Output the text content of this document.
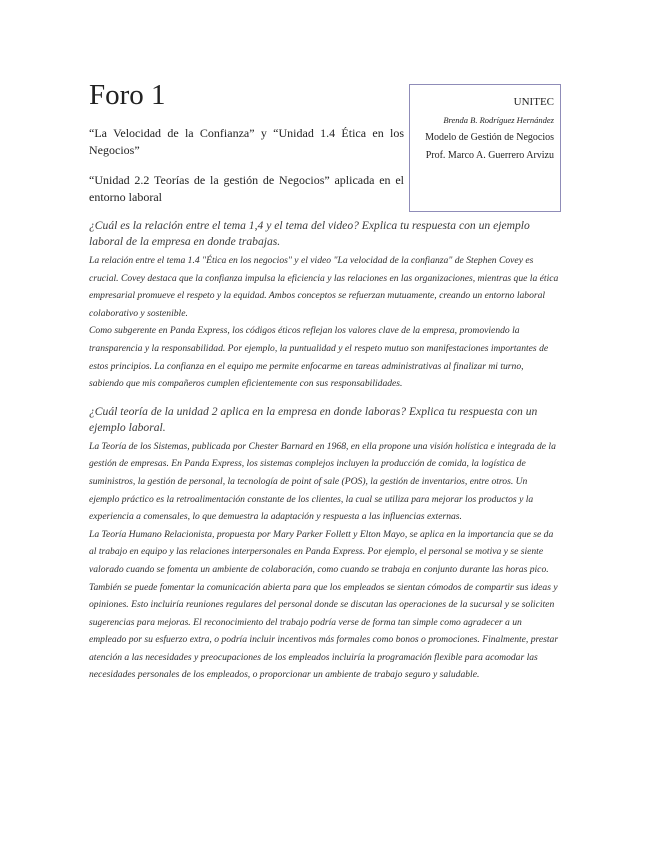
Foro 1

“La Velocidad de la Confianza” y “Unidad 1.4 Ética en los Negocios”

“Unidad 2.2 Teorías de la gestión de Negocios” aplicada en el entorno laboral

UNITEC

Brenda B. Rodríguez Hernández

Modelo de Gestión de Negocios

Prof. Marco A. Guerrero Arvizu

¿Cuál es la relación entre el tema 1,4 y el tema del video? Explica tu respuesta con un ejemplo laboral de la empresa en donde trabajas.

La relación entre el tema 1.4 "Ética en los negocios" y el video "La velocidad de la confianza" de Stephen Covey es crucial. Covey destaca que la confianza impulsa la eficiencia y las relaciones en las organizaciones, mientras que la ética empresarial promueve el respeto y la equidad. Ambos conceptos se refuerzan mutuamente, creando un entorno laboral colaborativo y sostenible.

Como subgerente en Panda Express, los códigos éticos reflejan los valores clave de la empresa, promoviendo la transparencia y la responsabilidad. Por ejemplo, la puntualidad y el respeto mutuo son manifestaciones importantes de estos principios. La confianza en el equipo me permite enfocarme en tareas administrativas al finalizar mi turno, sabiendo que mis compañeros cumplen eficientemente con sus responsabilidades.

¿Cuál teoría de la unidad 2 aplica en la empresa en donde laboras? Explica tu respuesta con un ejemplo laboral.

La Teoría de los Sistemas, publicada por Chester Barnard en 1968, en ella propone una visión holística e integrada de la gestión de empresas. En Panda Express, los sistemas complejos incluyen la producción de comida, la logística de suministros, la gestión de personal, la tecnología de point of sale (POS), la gestión de inventarios, entre otros. Un ejemplo práctico es la retroalimentación constante de los clientes, la cual se utiliza para mejorar los productos y la experiencia a comensales, lo que demuestra la adaptación y respuesta a las influencias externas.

La Teoría Humano Relacionista, propuesta por Mary Parker Follett y Elton Mayo, se aplica en la importancia que se da al trabajo en equipo y las relaciones interpersonales en Panda Express. Por ejemplo, el personal se motiva y se siente valorado cuando se fomenta un ambiente de colaboración, como cuando se trabaja en conjunto durante las horas pico. También se puede fomentar la comunicación abierta para que los empleados se sientan cómodos de compartir sus ideas y opiniones. Esto incluiría reuniones regulares del personal donde se discutan las operaciones de la sucursal y se soliciten sugerencias para mejoras. El reconocimiento del trabajo podría verse de forma tan simple como agradecer a un empleado por su esfuerzo extra, o podría incluir incentivos más formales como bonos o promociones. Finalmente, prestar atención a las necesidades y preocupaciones de los empleados incluiría la programación flexible para acomodar las necesidades personales de los empleados, o proporcionar un ambiente de trabajo seguro y saludable.
